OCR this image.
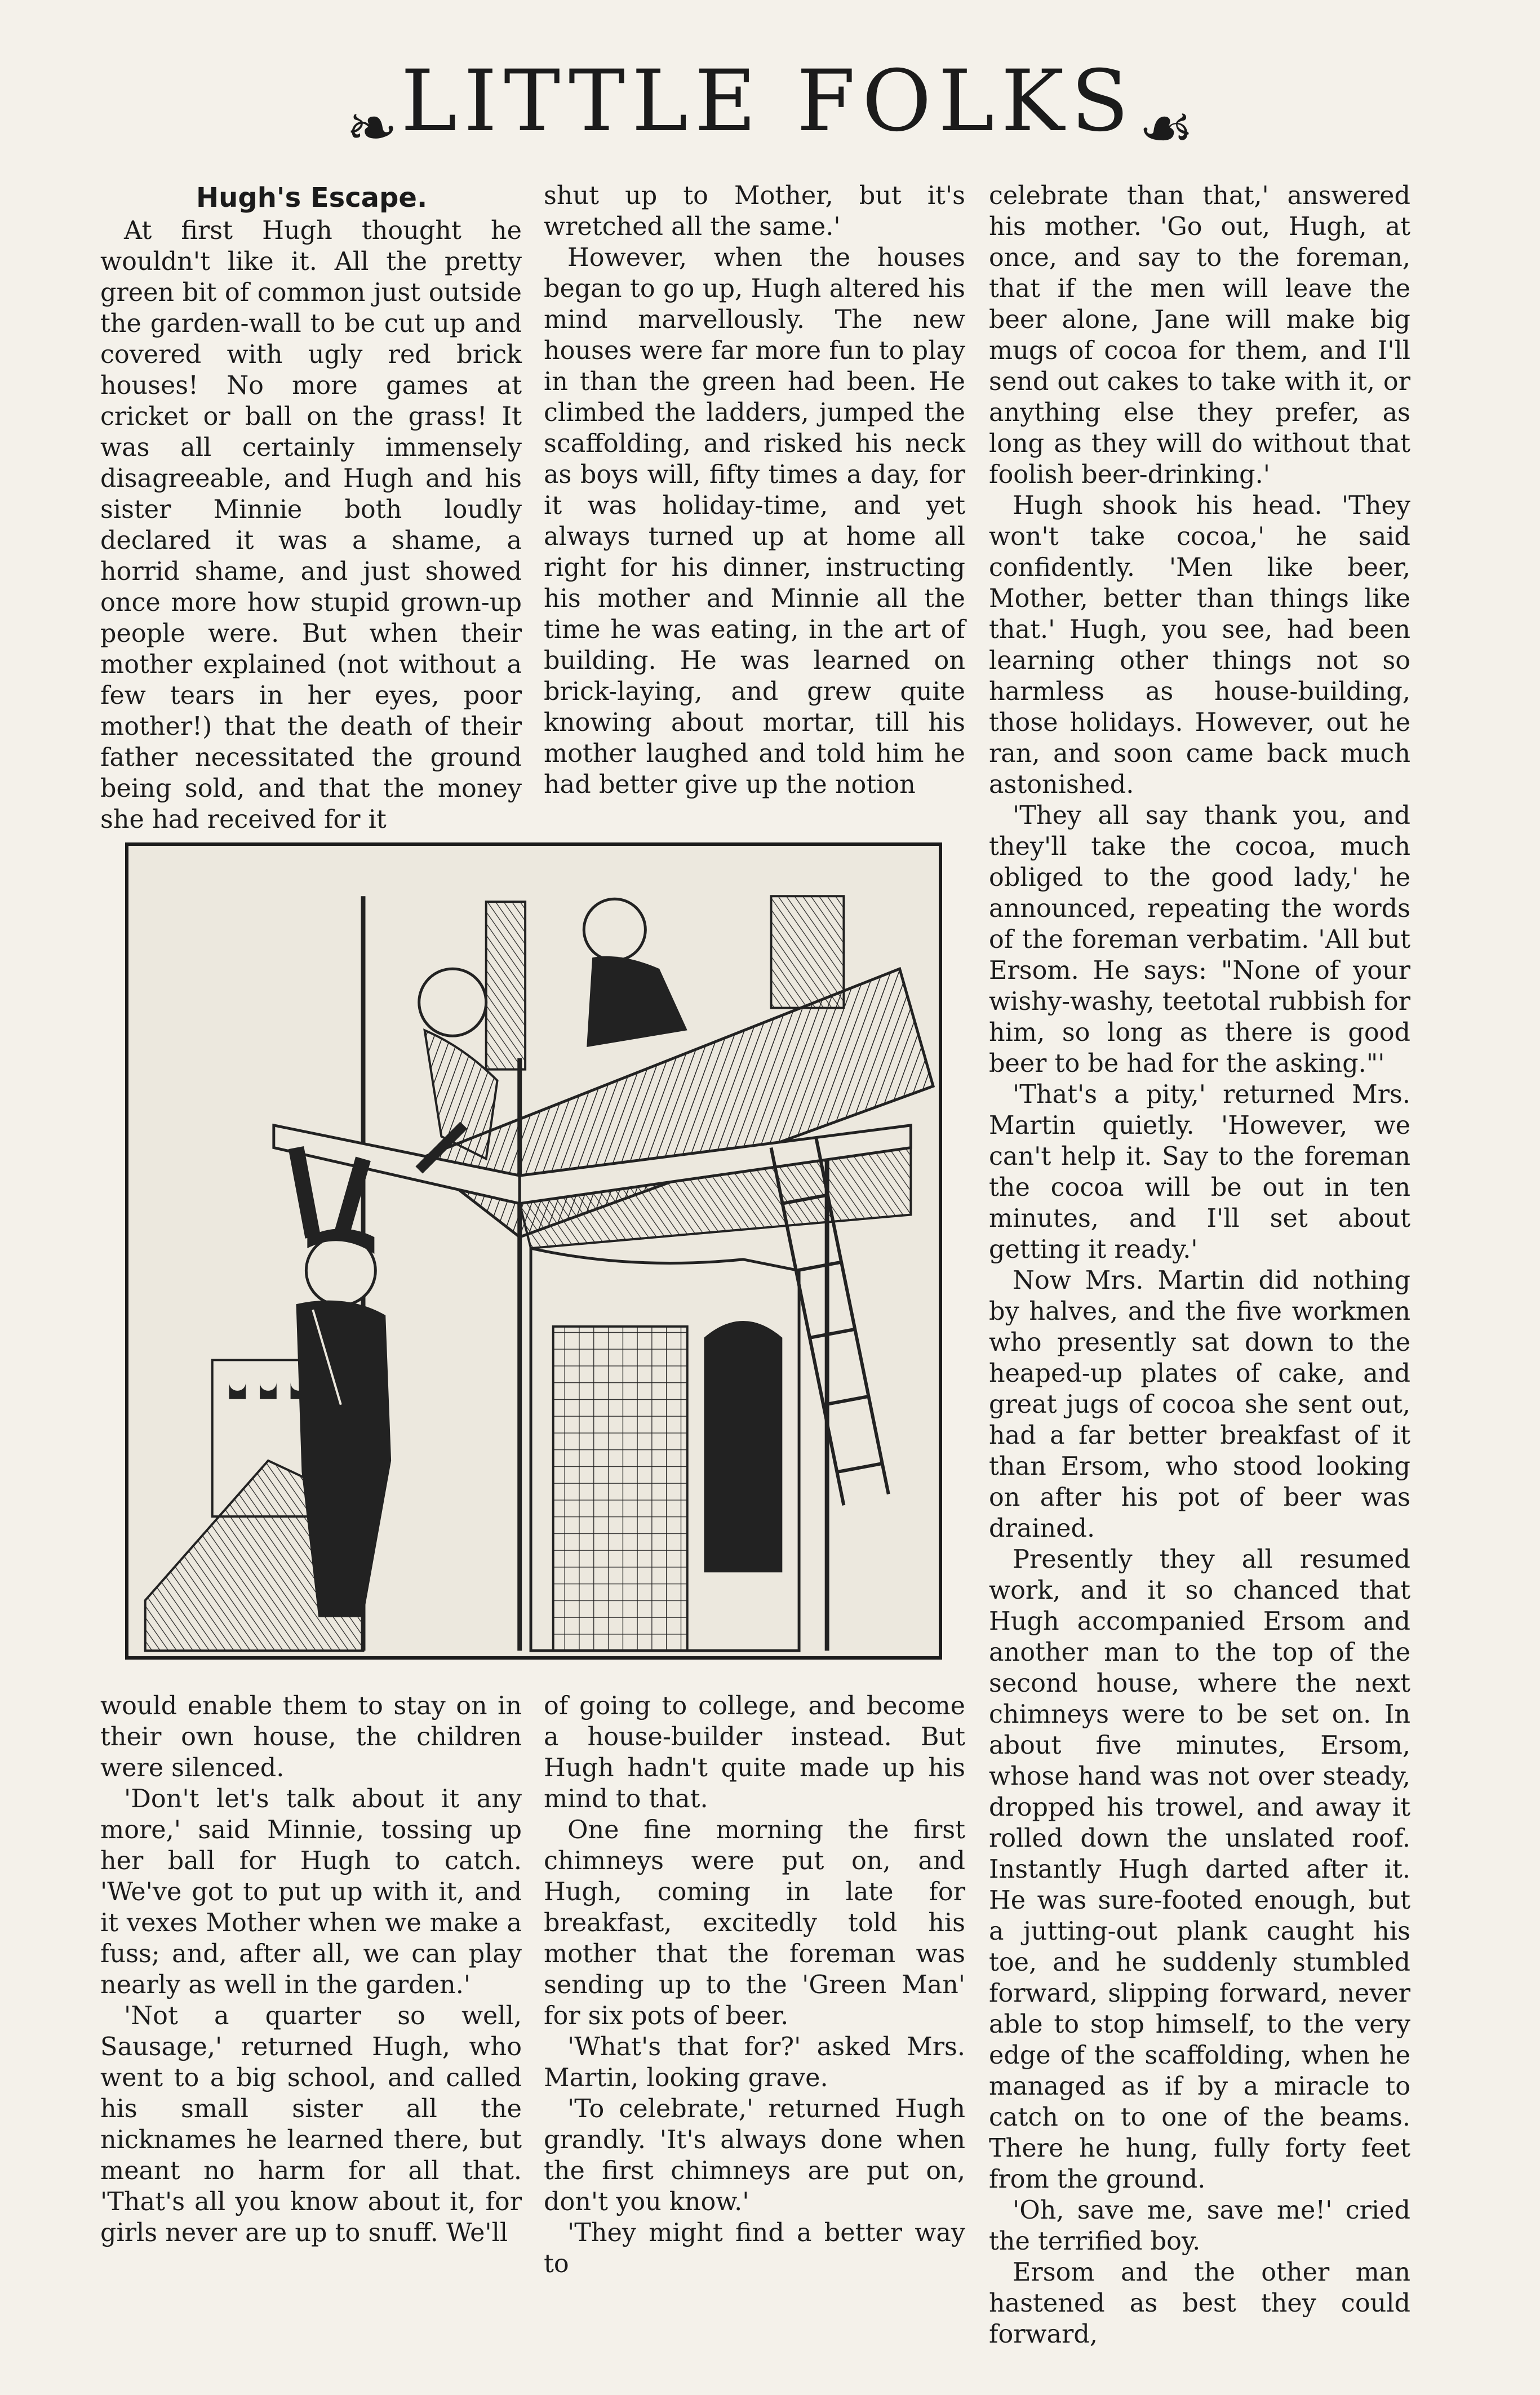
❧ LITTLE FOLKS ☙
Hugh's Escape.

At first Hugh thought he wouldn't like it. All the pretty green bit of common just outside the garden-wall to be cut up and covered with ugly red brick houses! No more games at cricket or ball on the grass! It was all certainly immensely disagreeable, and Hugh and his sister Minnie both loudly declared it was a shame, a horrid shame, and just showed once more how stupid grown-up people were. But when their mother explained (not without a few tears in her eyes, poor mother!) that the death of their father necessitated the ground being sold, and that the money she had received for it

shut up to Mother, but it's wretched all the same.'

However, when the houses began to go up, Hugh altered his mind marvellously. The new houses were far more fun to play in than the green had been. He climbed the ladders, jumped the scaffolding, and risked his neck as boys will, fifty times a day, for it was holiday-time, and yet always turned up at home all right for his dinner, instructing his mother and Minnie all the time he was eating, in the art of building. He was learned on brick-laying, and grew quite knowing about mortar, till his mother laughed and told him he had better give up the notion

celebrate than that,' answered his mother. 'Go out, Hugh, at once, and say to the foreman, that if the men will leave the beer alone, Jane will make big mugs of cocoa for them, and I'll send out cakes to take with it, or anything else they prefer, as long as they will do without that foolish beer-drinking.'

Hugh shook his head. 'They won't take cocoa,' he said confidently. 'Men like beer, Mother, better than things like that.' Hugh, you see, had been learning other things not so harmless as house-building, those holidays. However, out he ran, and soon came back much astonished.

'They all say thank you, and they'll take the cocoa, much obliged to the good lady,' he announced, repeating the words of the foreman verbatim. 'All but Ersom. He says: "None of your wishy-washy, teetotal rubbish for him, so long as there is good beer to be had for the asking."'

'That's a pity,' returned Mrs. Martin quietly. 'However, we can't help it. Say to the foreman the cocoa will be out in ten minutes, and I'll set about getting it ready.'

Now Mrs. Martin did nothing by halves, and the five workmen who presently sat down to the heaped-up plates of cake, and great jugs of cocoa she sent out, had a far better breakfast of it than Ersom, who stood looking on after his pot of beer was drained.

Presently they all resumed work, and it so chanced that Hugh accompanied Ersom and another man to the top of the second house, where the next chimneys were to be set on. In about five minutes, Ersom, whose hand was not over steady, dropped his trowel, and away it rolled down the unslated roof. Instantly Hugh darted after it. He was sure-footed enough, but a jutting-out plank caught his toe, and he suddenly stumbled forward, slipping forward, never able to stop himself, to the very edge of the scaffolding, when he managed as if by a miracle to catch on to one of the beams. There he hung, fully forty feet from the ground.

'Oh, save me, save me!' cried the terrified boy.

Ersom and the other man hastened as best they could forward,

would enable them to stay on in their own house, the children were silenced.

'Don't let's talk about it any more,' said Minnie, tossing up her ball for Hugh to catch. 'We've got to put up with it, and it vexes Mother when we make a fuss; and, after all, we can play nearly as well in the garden.'

'Not a quarter so well, Sausage,' returned Hugh, who went to a big school, and called his small sister all the nicknames he learned there, but meant no harm for all that. 'That's all you know about it, for girls never are up to snuff. We'll

of going to college, and become a house-builder instead. But Hugh hadn't quite made up his mind to that.

One fine morning the first chimneys were put on, and Hugh, coming in late for breakfast, excitedly told his mother that the foreman was sending up to the 'Green Man' for six pots of beer.

'What's that for?' asked Mrs. Martin, looking grave.

'To celebrate,' returned Hugh grandly. 'It's always done when the first chimneys are put on, don't you know.'

'They might find a better way to
